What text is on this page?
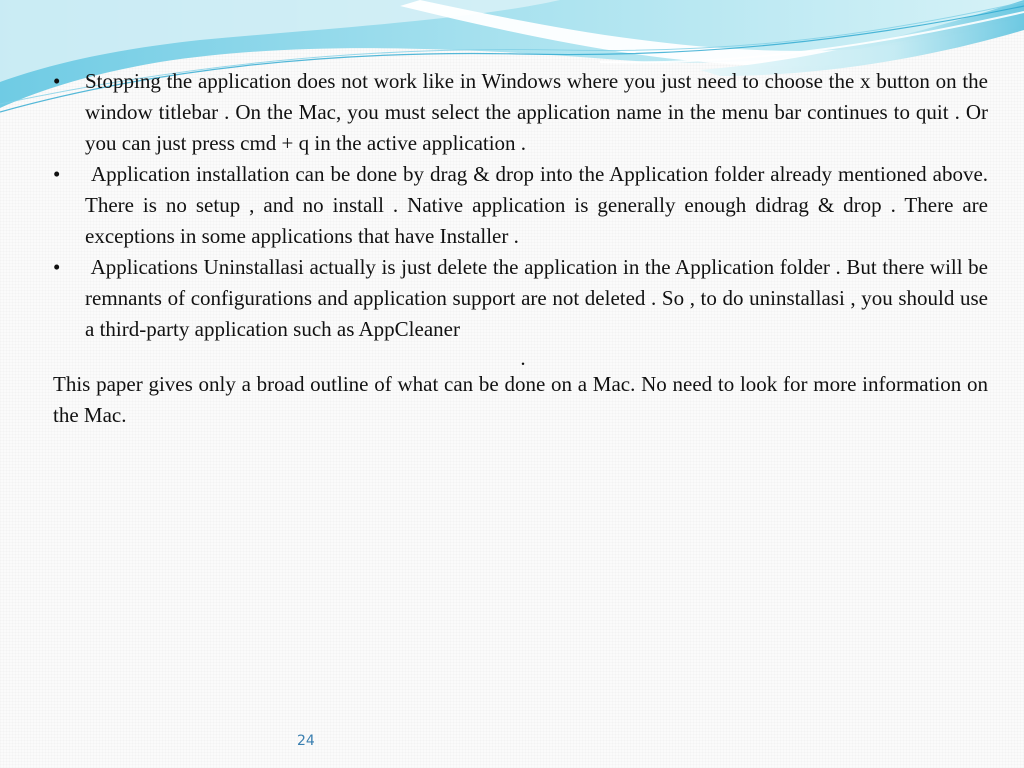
•	Stopping the application does not work like in Windows where you just need to choose the x button on the window titlebar . On the Mac, you must select the application name in the menu bar continues to quit . Or you can just press cmd + q in the active application .
•	Application installation can be done by drag & drop into the Application folder already mentioned above. There is no setup , and no install . Native application is generally enough didrag & drop . There are exceptions in some applications that have Installer .
•	Applications Uninstallasi actually is just delete the application in the Application folder . But there will be remnants of configurations and application support are not deleted . So , to do uninstallasi , you should use a third-party application such as AppCleaner
.

This paper gives only a broad outline of what can be done on a Mac. No need to look for more information on the Mac.

24
